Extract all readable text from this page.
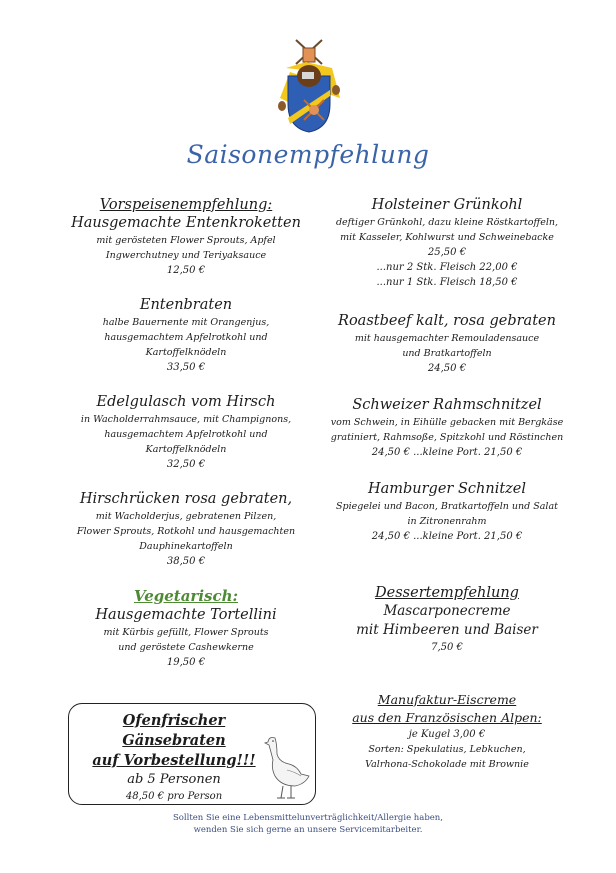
Saisonempfehlung
Vorspeisenempfehlung:
Hausgemachte Entenkroketten
mit gerösteten Flower Sprouts, Apfel
Ingwerchutney und Teriyaksauce
12,50 €
Entenbraten
halbe Bauernente mit Orangenjus,
hausgemachtem Apfelrotkohl und
Kartoffelknödeln
33,50 €
Edelgulasch vom Hirsch
in Wacholderrahmsauce, mit Champignons,
hausgemachtem Apfelrotkohl und
Kartoffelknödeln
32,50 €
Hirschrücken rosa gebraten,
mit Wacholderjus, gebratenen Pilzen,
Flower Sprouts, Rotkohl und hausgemachten
Dauphinekartoffeln
38,50 €
Vegetarisch:
Hausgemachte Tortellini
mit Kürbis gefüllt, Flower Sprouts
und geröstete Cashewkerne
19,50 €
Ofenfrischer Gänsebraten
auf Vorbestellung!!!
ab 5 Personen
48,50 € pro Person
Holsteiner Grünkohl
deftiger Grünkohl, dazu kleine Röstkartoffeln,
mit Kasseler, Kohlwurst und Schweinebacke
25,50 €
...nur 2 Stk. Fleisch 22,00 €
...nur 1 Stk. Fleisch 18,50 €
Roastbeef kalt, rosa gebraten
mit hausgemachter Remouladensauce
und Bratkartoffeln
24,50 €
Schweizer Rahmschnitzel
vom Schwein, in Eihülle gebacken mit Bergkäse
gratiniert, Rahmsoße, Spitzkohl und Röstinchen
24,50 € ...kleine Port. 21,50 €
Hamburger Schnitzel
Spiegelei und Bacon, Bratkartoffeln und Salat
in Zitronenrahm
24,50 € ...kleine Port. 21,50 €
Dessertempfehlung
Mascarponecreme
mit Himbeeren und Baiser
7,50 €
Manufaktur-Eiscreme
aus den Französischen Alpen:
je Kugel 3,00 €
Sorten: Spekulatius, Lebkuchen,
Valrhona-Schokolade mit Brownie
Sollten Sie eine Lebensmittelunverträglichkeit/Allergie haben,
wenden Sie sich gerne an unsere Servicemitarbeiter.
